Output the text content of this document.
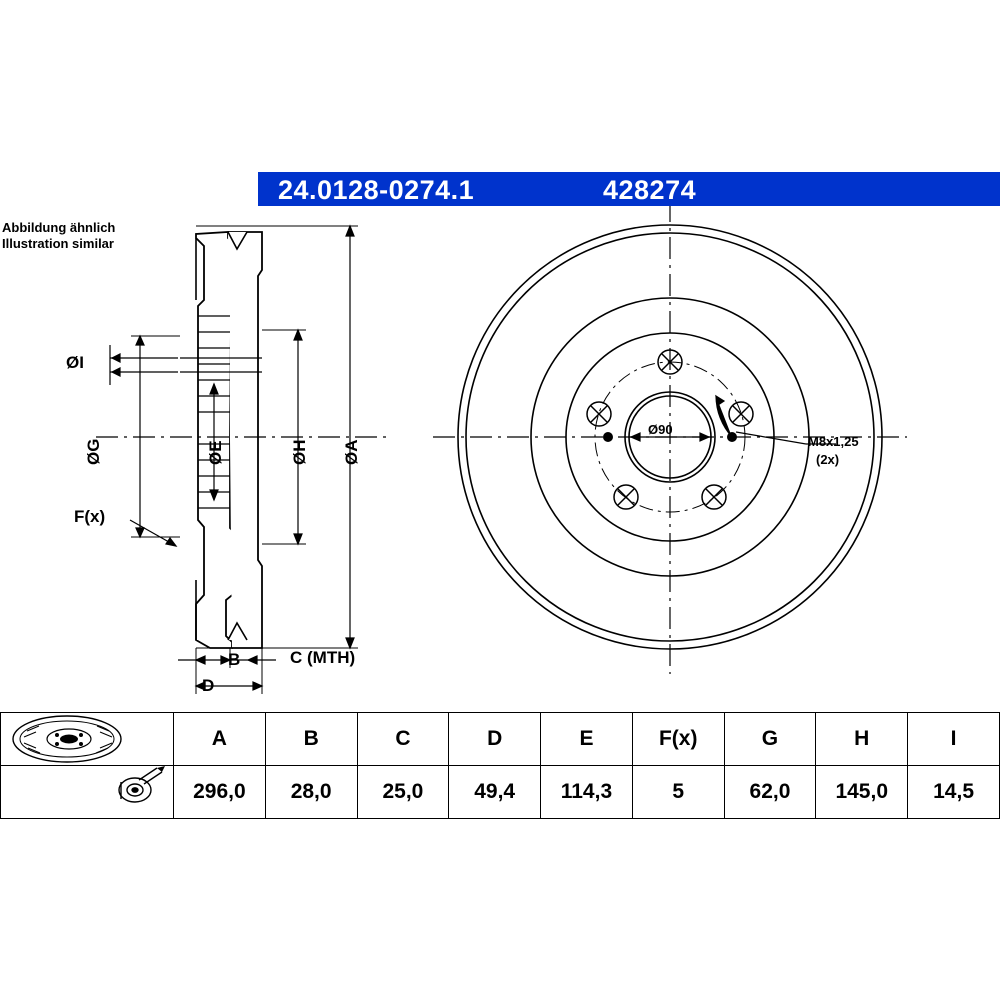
24.0128-0274.1	428274
Abbildung ähnlich
Illustration similar
ØI
ØG	ØE	ØH ØA
F(x)
B	C (MTH)
D
Ø90
M8x1,25
(2x)
	A	B	C	D	E	F(x)	G	H	I

	296,0	28,0	25,0	49,4	114,3	5	62,0	145,0	14,5
